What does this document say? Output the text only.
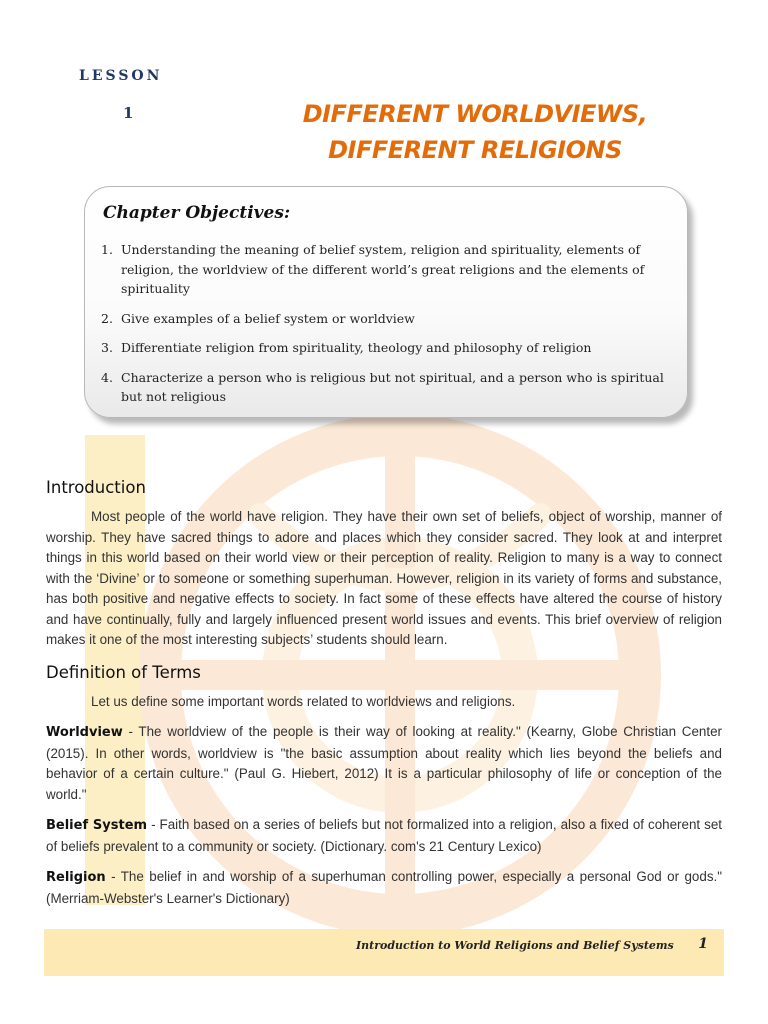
LESSON
1	DIFFERENT WORLDVIEWS,
DIFFERENT RELIGIONS
Chapter Objectives:
1. Understanding the meaning of belief system, religion and spirituality, elements of religion, the worldview of the different world’s great religions and the elements of spirituality
2. Give examples of a belief system or worldview
3. Differentiate religion from spirituality, theology and philosophy of religion
4. Characterize a person who is religious but not spiritual, and a person who is spiritual but not religious
Introduction

Most people of the world have religion. They have their own set of beliefs, object of worship, manner of worship. They have sacred things to adore and places which they consider sacred. They look at and interpret things in this world based on their world view or their perception of reality. Religion to many is a way to connect with the ‘Divine’ or to someone or something superhuman. However, religion in its variety of forms and substance, has both positive and negative effects to society. In fact some of these effects have altered the course of history and have continually, fully and largely influenced present world issues and events. This brief overview of religion makes it one of the most interesting subjects’ students should learn.

Definition of Terms

Let us define some important words related to worldviews and religions.

Worldview - The worldview of the people is their way of looking at reality." (Kearny, Globe Christian Center (2015). In other words, worldview is "the basic assumption about reality which lies beyond the beliefs and behavior of a certain culture." (Paul G. Hiebert, 2012) It is a particular philosophy of life or conception of the world."

Belief System - Faith based on a series of beliefs but not formalized into a religion, also a fixed of coherent set of beliefs prevalent to a community or society. (Dictionary. com's 21 Century Lexico)

Religion - The belief in and worship of a superhuman controlling power, especially a personal God or gods." (Merriam-Webster's Learner's Dictionary)

Introduction to World Religions and Belief Systems 1
